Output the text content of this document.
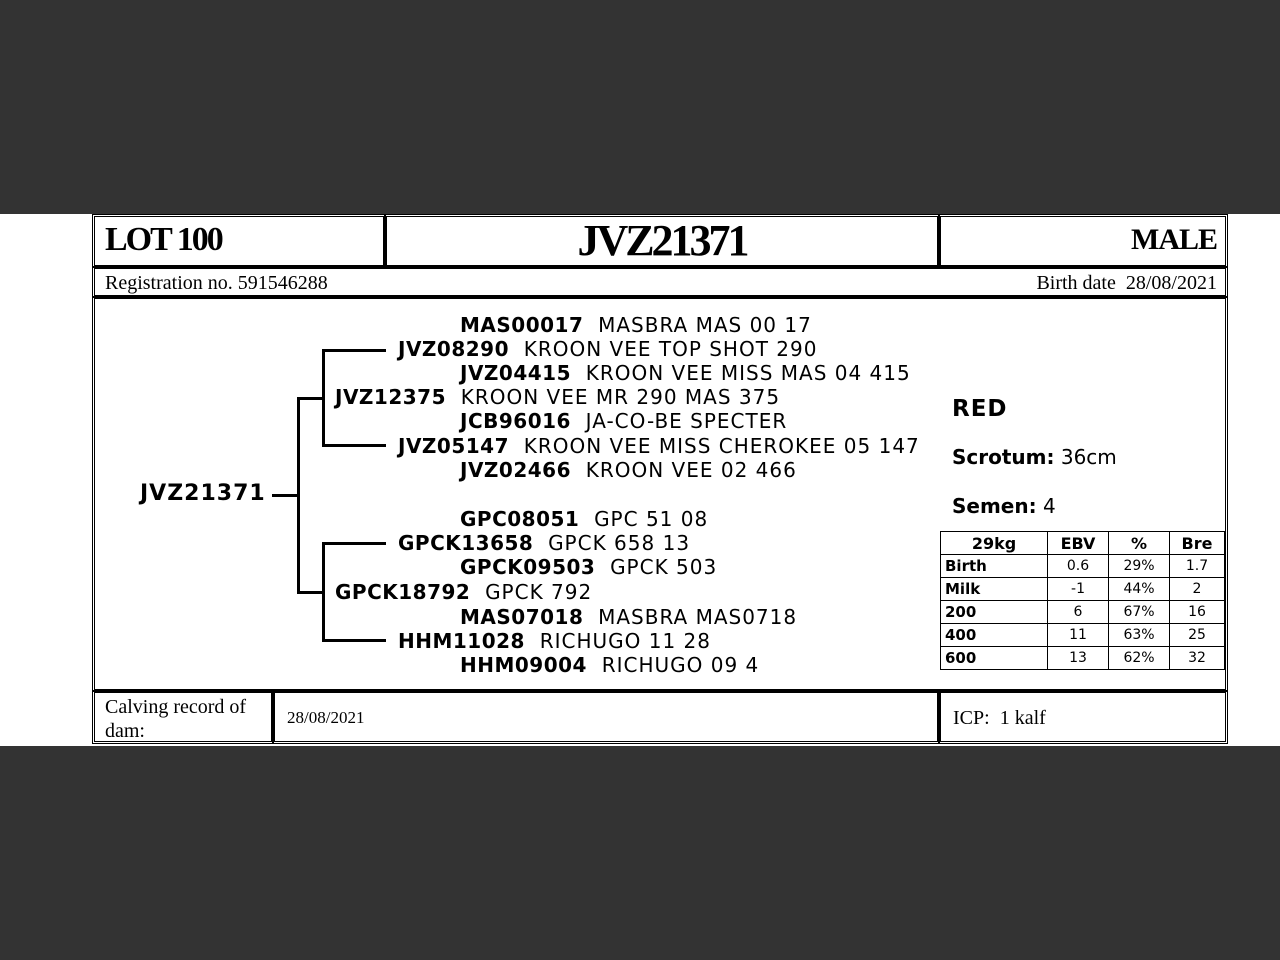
LOT 100	JVZ21371	MALE
Registration no. 591546288	Birth date 28/08/2021
JVZ21371
MAS00017 MASBRA MAS 00 17
JVZ08290 KROON VEE TOP SHOT 290
JVZ04415 KROON VEE MISS MAS 04 415
JVZ12375 KROON VEE MR 290 MAS 375
JCB96016 JA-CO-BE SPECTER
JVZ05147 KROON VEE MISS CHEROKEE 05 147
JVZ02466 KROON VEE 02 466
GPC08051 GPC 51 08
GPCK13658 GPCK 658 13
GPCK09503 GPCK 503
GPCK18792 GPCK 792
MAS07018 MASBRA MAS0718
HHM11028 RICHUGO 11 28
HHM09004 RICHUGO 09 4
RED
Scrotum: 36cm
Semen: 4
29kg	EBV	%	Bre
Birth	0.6	29%	1.7
Milk	-1	44%	2
200	6	67%	16
400	11	63%	25
600	13	62%	32
Calving record of dam:
28/08/2021	ICP: 1 kalf
